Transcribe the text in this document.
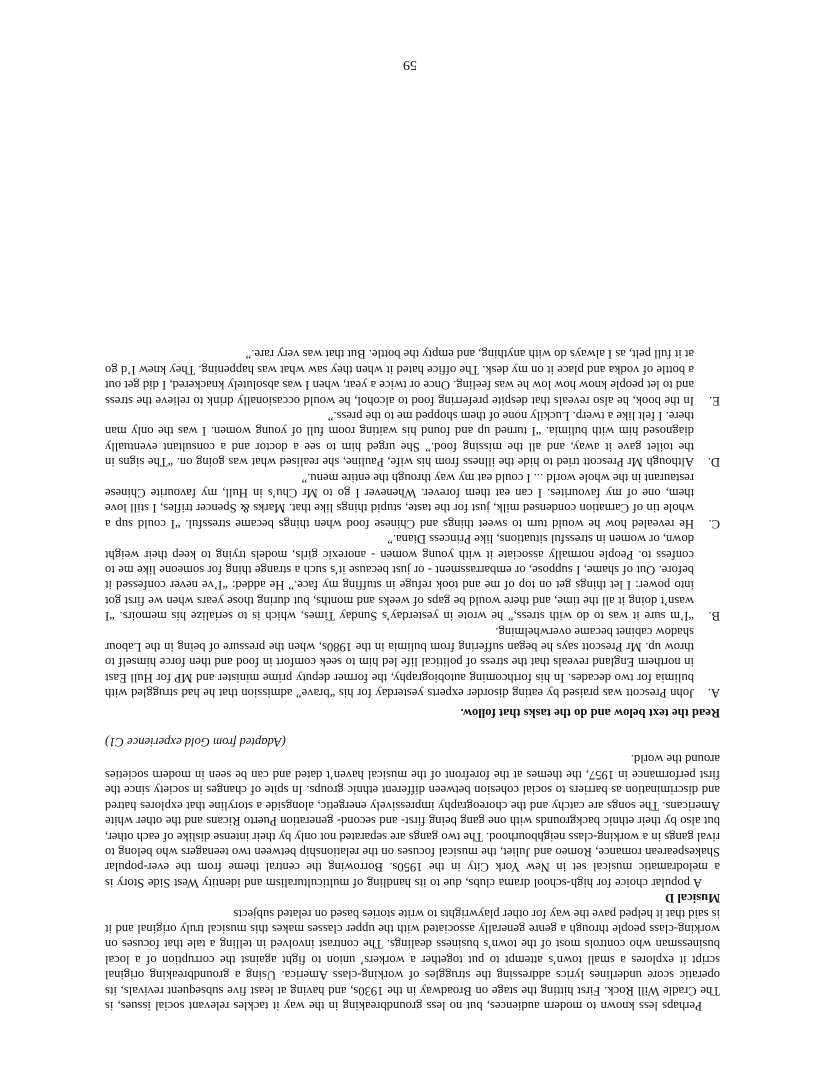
Perhaps less known to modern audiences, but no less groundbreaking in the way it tackles relevant social issues, is The Cradle Will Rock. First hitting the stage on Broadway in the 1930s, and having at least five subsequent revivals, its operatic score underlines lyrics addressing the struggles of working-class America. Using a groundbreaking original script it explores a small town’s attempt to put together a workers’ union to fight against the corruption of a local businessman who controls most of the town’s business dealings. The contrast involved in telling a tale that focuses on working-class people through a genre generally associated with the upper classes makes this musical truly original and it is said that it helped pave the way for other playwrights to write stories based on related subjects

Musical D

A popular choice for high-school drama clubs, due to its handling of multiculturalism and identity West Side Story is a melodramatic musical set in New York City in the 1950s. Borrowing the central theme from the ever-popular Shakespearean romance, Romeo and Juliet, the musical focuses on the relationship between two teenagers who belong to rival gangs in a working-class neighbourhood. The two gangs are separated not only by their intense dislike of each other, but also by their ethnic backgrounds with one gang being first- and second- generation Puerto Ricans and the other white Americans. The songs are catchy and the choreography impressively energetic, alongside a storyline that explores hatred and discrimination as barriers to social cohesion between different ethnic groups. In spite of changes in society since the first performance in 1957, the themes at the forefront of the musical haven’t dated and can be seen in modern societies around the world.

(Adapted from Gold experience C1)

Read the text below and do the tasks that follow.

A.
John Prescott was praised by eating disorder experts yesterday for his “brave” admission that he had struggled with bulimia for two decades. In his forthcoming autobiography, the former deputy prime minister and MP for Hull East in northern England reveals that the stress of political life led him to seek comfort in food and then force himself to throw up. Mr Prescott says he began suffering from bulimia in the 1980s, when the pressure of being in the Labour shadow cabinet became overwhelming.
B.
“I’m sure it was to do with stress,” he wrote in yesterday’s Sunday Times, which is to serialize his memoirs. “I wasn’t doing it all the time, and there would be gaps of weeks and months, but during those years when we first got into power: I let things get on top of me and took refuge in stuffing my face.” He added: “I’ve never confessed it before. Out of shame, I suppose, or embarrassment - or just because it’s such a strange thing for someone like me to confess to. People normally associate it with young women - anorexic girls, models trying to keep their weight down, or women in stressful situations, like Princess Diana.”
C.
He revealed how he would turn to sweet things and Chinese food when things became stressful. “I could sup a whole tin of Carnation condensed milk, just for the taste, stupid things like that. Marks & Spencer trifles, I still love them, one of my favourites. I can eat them forever. Whenever I go to Mr Chu’s in Hull, my favourite Chinese restaurant in the whole world ... I could eat my way through the entire menu.”
D.
Although Mr Prescott tried to hide the illness from his wife, Pauline, she realised what was going on. “The signs in the toilet gave it away, and all the missing food.” She urged him to see a doctor and a consultant eventually diagnosed him with bulimia. “I turned up and found his waiting room full of young women. I was the only man there. I felt like a twerp. Luckily none of them shopped me to the press.”
E.
In the book, he also reveals that despite preferring food to alcohol, he would occasionally drink to relieve the stress and to let people know how low he was feeling. Once or twice a year, when I was absolutely knackered, I did get out a bottle of vodka and place it on my desk. The office hated it when they saw what was happening. They knew I’d go at it full pelt, as I always do with anything, and empty the bottle. But that was very rare.”
59
